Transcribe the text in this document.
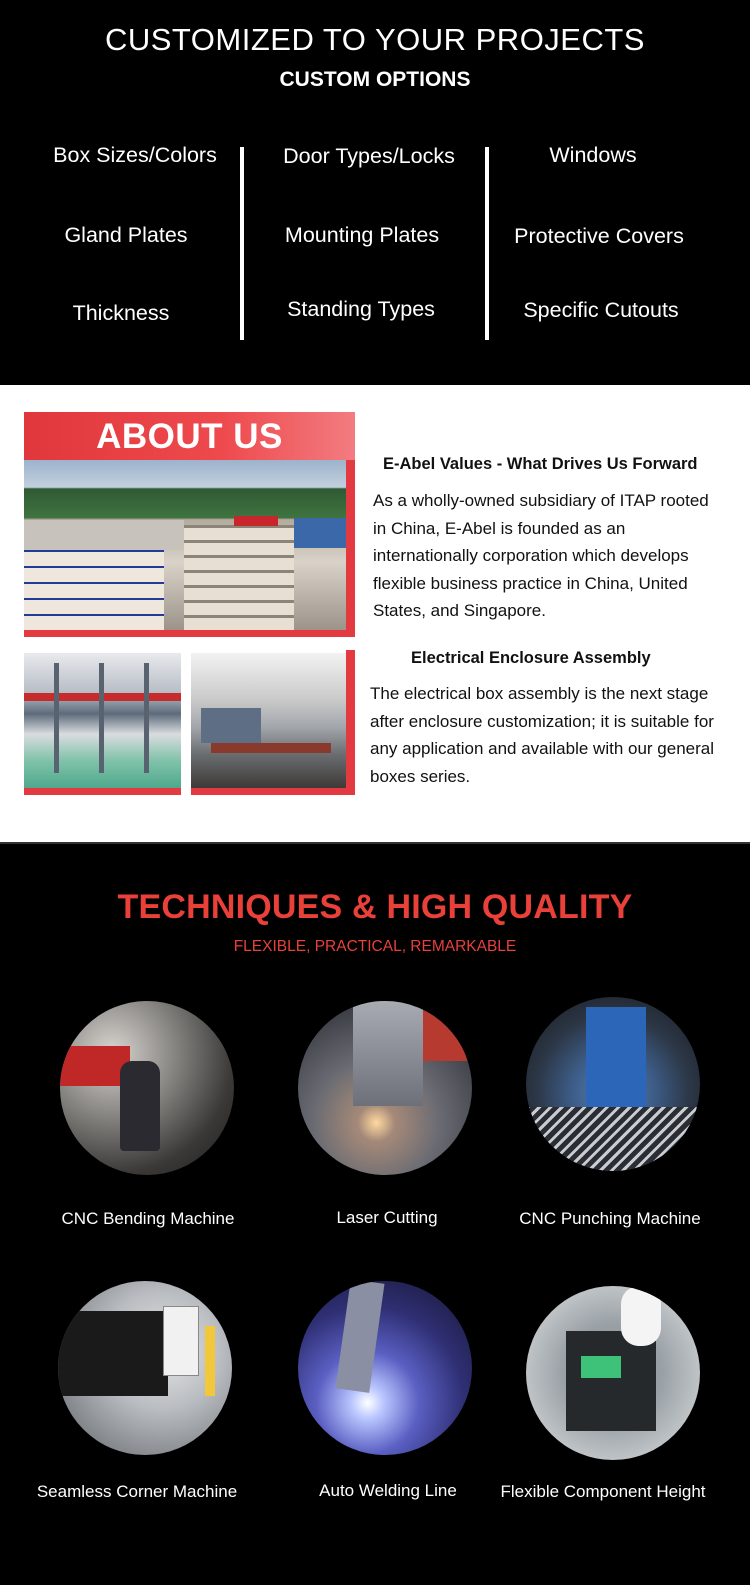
CUSTOMIZED TO YOUR PROJECTS
CUSTOM OPTIONS
Box Sizes/Colors	Door Types/Locks	Windows
Gland Plates	Mounting Plates	Protective Covers
Thickness	Standing Types	Specific Cutouts
ABOUT US
E-Abel Values - What Drives Us Forward

As a wholly-owned subsidiary of ITAP rooted in China, E-Abel is founded as an internationally corporation which develops flexible business practice in China, United States, and Singapore.

Electrical Enclosure Assembly

The electrical box assembly is the next stage after enclosure customization; it is suitable for any application and available with our general boxes series.

TECHNIQUES & HIGH QUALITY
FLEXIBLE, PRACTICAL, REMARKABLE
CNC Bending Machine	Laser Cutting	CNC Punching Machine
Seamless Corner Machine	Auto Welding Line	Flexible Component Height
